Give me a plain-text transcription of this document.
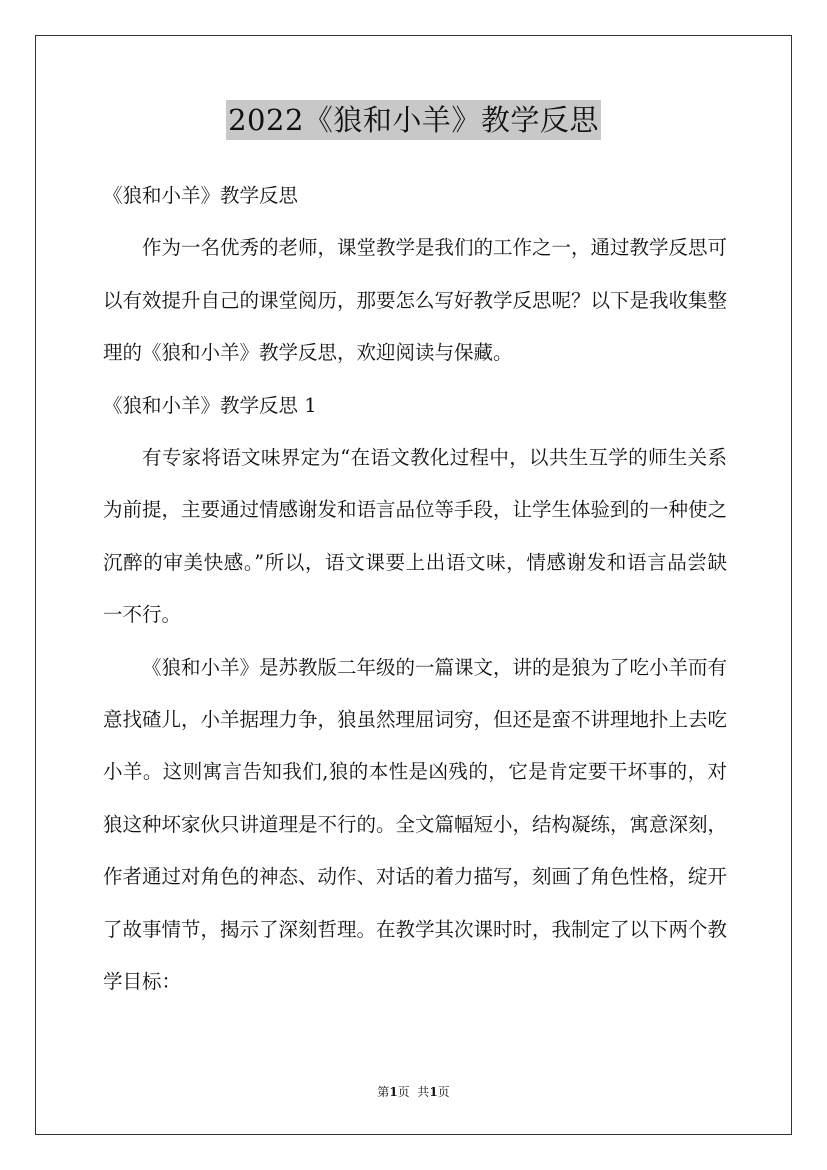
2022《狼和小羊》教学反思

《狼和小羊》教学反思

作为一名优秀的老师，课堂教学是我们的工作之一，通过教学反思可以有效提升自己的课堂阅历，那要怎么写好教学反思呢？以下是我收集整理的《狼和小羊》教学反思，欢迎阅读与保藏。

《狼和小羊》教学反思 1

有专家将语文味界定为“在语文教化过程中，以共生互学的师生关系为前提，主要通过情感谢发和语言品位等手段，让学生体验到的一种使之沉醉的审美快感。”所以，语文课要上出语文味，情感谢发和语言品尝缺一不行。

《狼和小羊》是苏教版二年级的一篇课文，讲的是狼为了吃小羊而有意找碴儿，小羊据理力争，狼虽然理屈词穷，但还是蛮不讲理地扑上去吃小羊。这则寓言告知我们,狼的本性是凶残的，它是肯定要干坏事的，对狼这种坏家伙只讲道理是不行的。全文篇幅短小，结构凝练，寓意深刻，作者通过对角色的神态、动作、对话的着力描写，刻画了角色性格，绽开了故事情节，揭示了深刻哲理。在教学其次课时时，我制定了以下两个教学目标：

第1页  共1页
